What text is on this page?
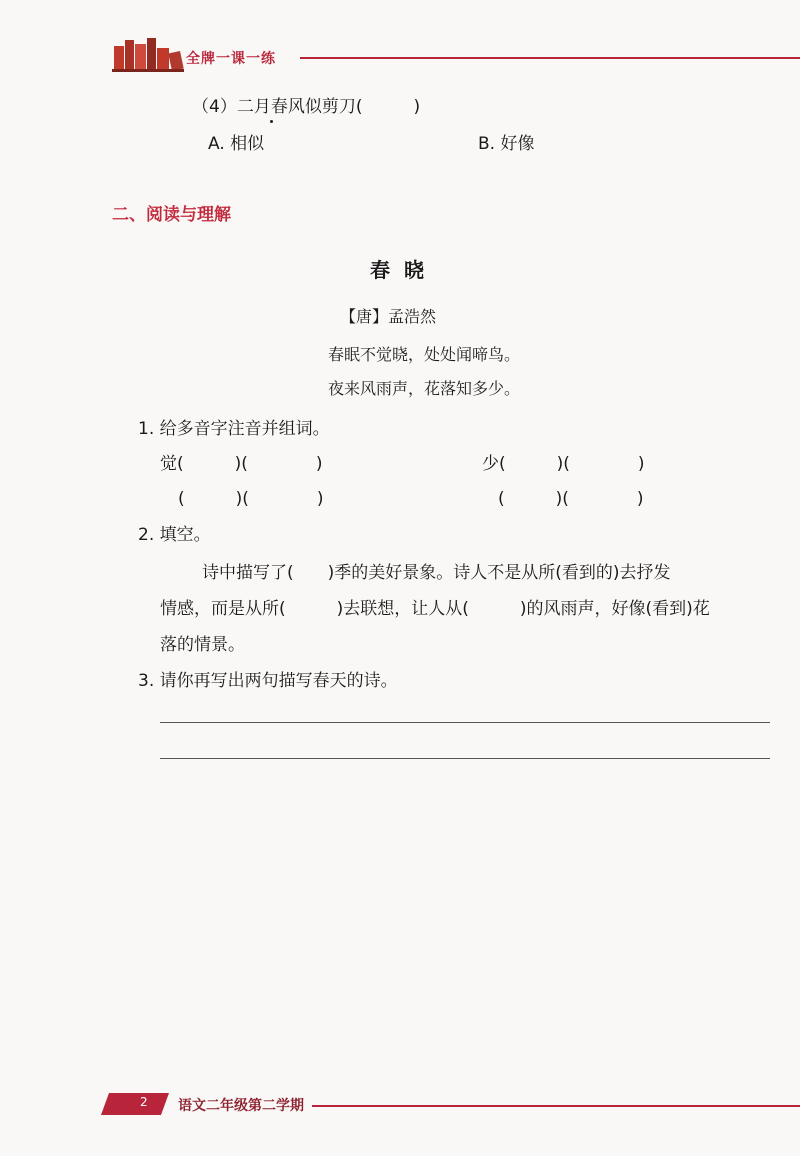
全牌一课一练
（4）二月春风似剪刀(　　　)
A. 相似	B. 好像
二、阅读与理解
春晓
【唐】孟浩然
春眠不觉晓，处处闻啼鸟。
夜来风雨声，花落知多少。
1. 给多音字注音并组词。
觉(　　　)(　　　　)
(　　　)(　　　　)
少(　　　)(　　　　)
(　　　)(　　　　)
2. 填空。
诗中描写了(　　)季的美好景象。诗人不是从所(看到的)去抒发
情感，而是从所(　　　)去联想，让人从(　　　)的风雨声，好像(看到)花
落的情景。
3. 请你再写出两句描写春天的诗。
2 语文二年级第二学期
